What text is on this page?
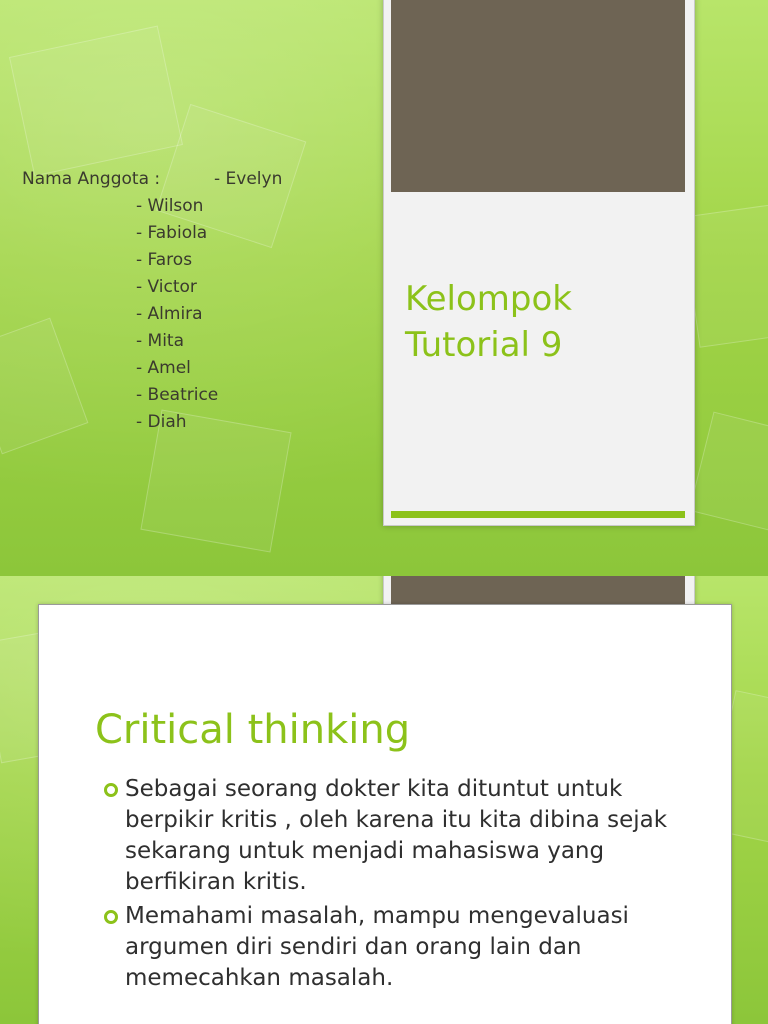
Nama Anggota :	- Evelyn
- Wilson
- Fabiola
- Faros
- Victor
- Almira
- Mita
- Amel
- Beatrice
- Diah
Kelompok
Tutorial 9
Critical thinking
Sebagai seorang dokter kita dituntut untuk berpikir kritis , oleh karena itu kita dibina sejak sekarang untuk menjadi mahasiswa yang berfikiran kritis.
Memahami masalah, mampu mengevaluasi argumen diri sendiri dan orang lain dan memecahkan masalah.
